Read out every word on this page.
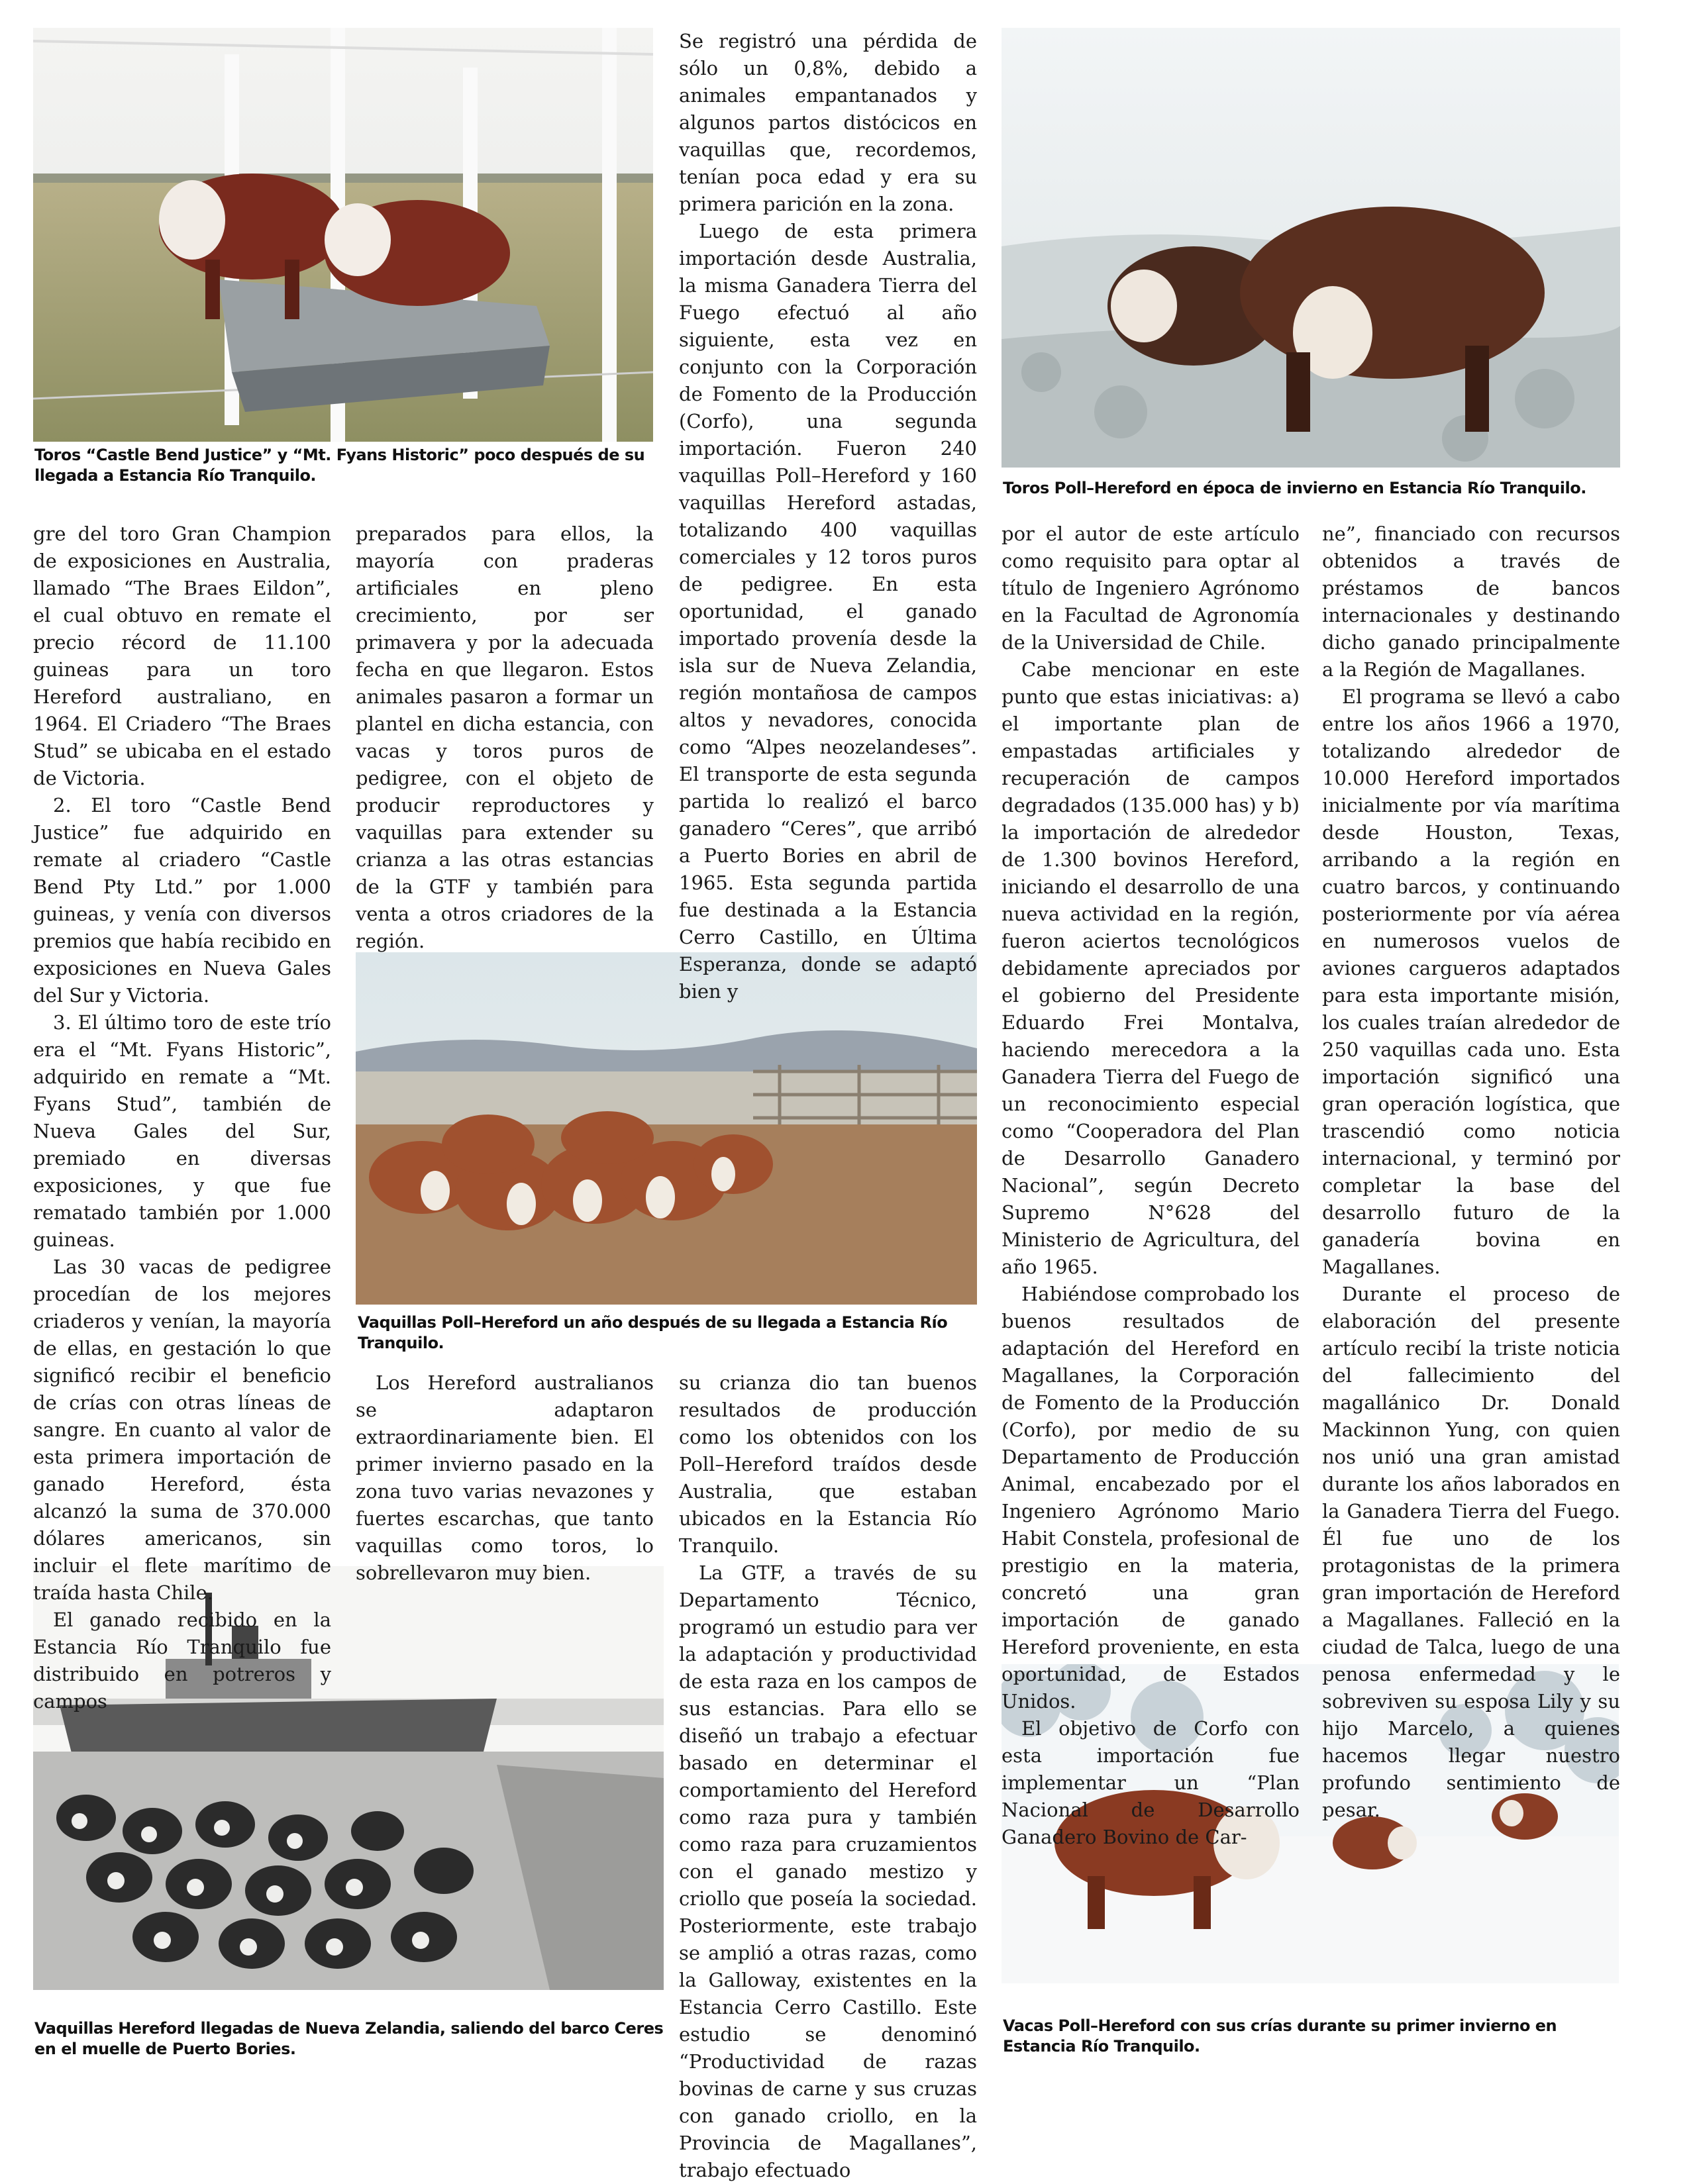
Toros “Castle Bend Justice” y “Mt. Fyans Historic” poco después de su llegada a Estancia Río Tranquilo.
Toros Poll–Hereford en época de invierno en Estancia Río Tranquilo.
Vaquillas Poll–Hereford un año después de su llegada a Estancia Río Tranquilo.
Vaquillas Hereford llegadas de Nueva Zelandia, saliendo del barco Ceres en el muelle de Puerto Bories.
Vacas Poll–Hereford con sus crías durante su primer invierno en Estancia Río Tranquilo.

gre del toro Gran Champion de exposiciones en Australia, llamado “The Braes Eildon”, el cual obtuvo en remate el precio récord de 11.100 guineas para un toro Hereford australiano, en 1964. El Criadero “The Braes Stud” se ubicaba en el estado de Victoria.

2. El toro “Castle Bend Justice” fue adquirido en remate al criadero “Castle Bend Pty Ltd.” por 1.000 guineas, y venía con diversos premios que había recibido en exposiciones en Nueva Gales del Sur y Victoria.

3. El último toro de este trío era el “Mt. Fyans Historic”, adquirido en remate a “Mt. Fyans Stud”, también de Nueva Gales del Sur, premiado en diversas exposiciones, y que fue rematado también por 1.000 guineas.

Las 30 vacas de pedigree procedían de los mejores criaderos y venían, la mayoría de ellas, en gestación lo que significó recibir el beneficio de crías con otras líneas de sangre. En cuanto al valor de esta primera importación de ganado Hereford, ésta alcanzó la suma de 370.000 dólares americanos, sin incluir el flete marítimo de traída hasta Chile.

El ganado recibido en la Estancia Río Tranquilo fue distribuido en potreros y campos

preparados para ellos, la mayoría con praderas artificiales en pleno crecimiento, por ser primavera y por la adecuada fecha en que llegaron. Estos animales pasaron a formar un plantel en dicha estancia, con vacas y toros puros de pedigree, con el objeto de producir reproductores y vaquillas para extender su crianza a las otras estancias de la GTF y también para venta a otros criadores de la región.

Los Hereford australianos se adaptaron extraordinariamente bien. El primer invierno pasado en la zona tuvo varias nevazones y fuertes escarchas, que tanto vaquillas como toros, lo sobrellevaron muy bien.

Se registró una pérdida de sólo un 0,8%, debido a animales empantanados y algunos partos distócicos en vaquillas que, recordemos, tenían poca edad y era su primera parición en la zona.

Luego de esta primera importación desde Australia, la misma Ganadera Tierra del Fuego efectuó al año siguiente, esta vez en conjunto con la Corporación de Fomento de la Producción (Corfo), una segunda importación. Fueron 240 vaquillas Poll–Hereford y 160 vaquillas Hereford astadas, totalizando 400 vaquillas comerciales y 12 toros puros de pedigree. En esta oportunidad, el ganado importado provenía desde la isla sur de Nueva Zelandia, región montañosa de campos altos y nevadores, conocida como “Alpes neozelandeses”. El transporte de esta segunda partida lo realizó el barco ganadero “Ceres”, que arribó a Puerto Bories en abril de 1965. Esta segunda partida fue destinada a la Estancia Cerro Castillo, en Última Esperanza, donde se adaptó bien y

su crianza dio tan buenos resultados de producción como los obtenidos con los Poll–Hereford traídos desde Australia, que estaban ubicados en la Estancia Río Tranquilo.

La GTF, a través de su Departamento Técnico, programó un estudio para ver la adaptación y productividad de esta raza en los campos de sus estancias. Para ello se diseñó un trabajo a efectuar basado en determinar el comportamiento del Hereford como raza pura y también como raza para cruzamientos con el ganado mestizo y criollo que poseía la sociedad. Posteriormente, este trabajo se amplió a otras razas, como la Galloway, existentes en la Estancia Cerro Castillo. Este estudio se denominó “Productividad de razas bovinas de carne y sus cruzas con ganado criollo, en la Provincia de Magallanes”, trabajo efectuado

por el autor de este artículo como requisito para optar al título de Ingeniero Agrónomo en la Facultad de Agronomía de la Universidad de Chile.

Cabe mencionar en este punto que estas iniciativas: a) el importante plan de empastadas artificiales y recuperación de campos degradados (135.000 has) y b) la importación de alrededor de 1.300 bovinos Hereford, iniciando el desarrollo de una nueva actividad en la región, fueron aciertos tecnológicos debidamente apreciados por el gobierno del Presidente Eduardo Frei Montalva, haciendo merecedora a la Ganadera Tierra del Fuego de un reconocimiento especial como “Cooperadora del Plan de Desarrollo Ganadero Nacional”, según Decreto Supremo N°628 del Ministerio de Agricultura, del año 1965.

Habiéndose comprobado los buenos resultados de adaptación del Hereford en Magallanes, la Corporación de Fomento de la Producción (Corfo), por medio de su Departamento de Producción Animal, encabezado por el Ingeniero Agrónomo Mario Habit Constela, profesional de prestigio en la materia, concretó una gran importación de ganado Hereford proveniente, en esta oportunidad, de Estados Unidos.

El objetivo de Corfo con esta importación fue implementar un “Plan Nacional de Desarrollo Ganadero Bovino de Car-

ne”, financiado con recursos obtenidos a través de préstamos de bancos internacionales y destinando dicho ganado principalmente a la Región de Magallanes.

El programa se llevó a cabo entre los años 1966 a 1970, totalizando alrededor de 10.000 Hereford importados inicialmente por vía marítima desde Houston, Texas, arribando a la región en cuatro barcos, y continuando posteriormente por vía aérea en numerosos vuelos de aviones cargueros adaptados para esta importante misión, los cuales traían alrededor de 250 vaquillas cada uno. Esta importación significó una gran operación logística, que trascendió como noticia internacional, y terminó por completar la base del desarrollo futuro de la ganadería bovina en Magallanes.

Durante el proceso de elaboración del presente artículo recibí la triste noticia del fallecimiento del magallánico Dr. Donald Mackinnon Yung, con quien nos unió una gran amistad durante los años laborados en la Ganadera Tierra del Fuego. Él fue uno de los protagonistas de la primera gran importación de Hereford a Magallanes. Falleció en la ciudad de Talca, luego de una penosa enfermedad y le sobreviven su esposa Lily y su hijo Marcelo, a quienes hacemos llegar nuestro profundo sentimiento de pesar.
